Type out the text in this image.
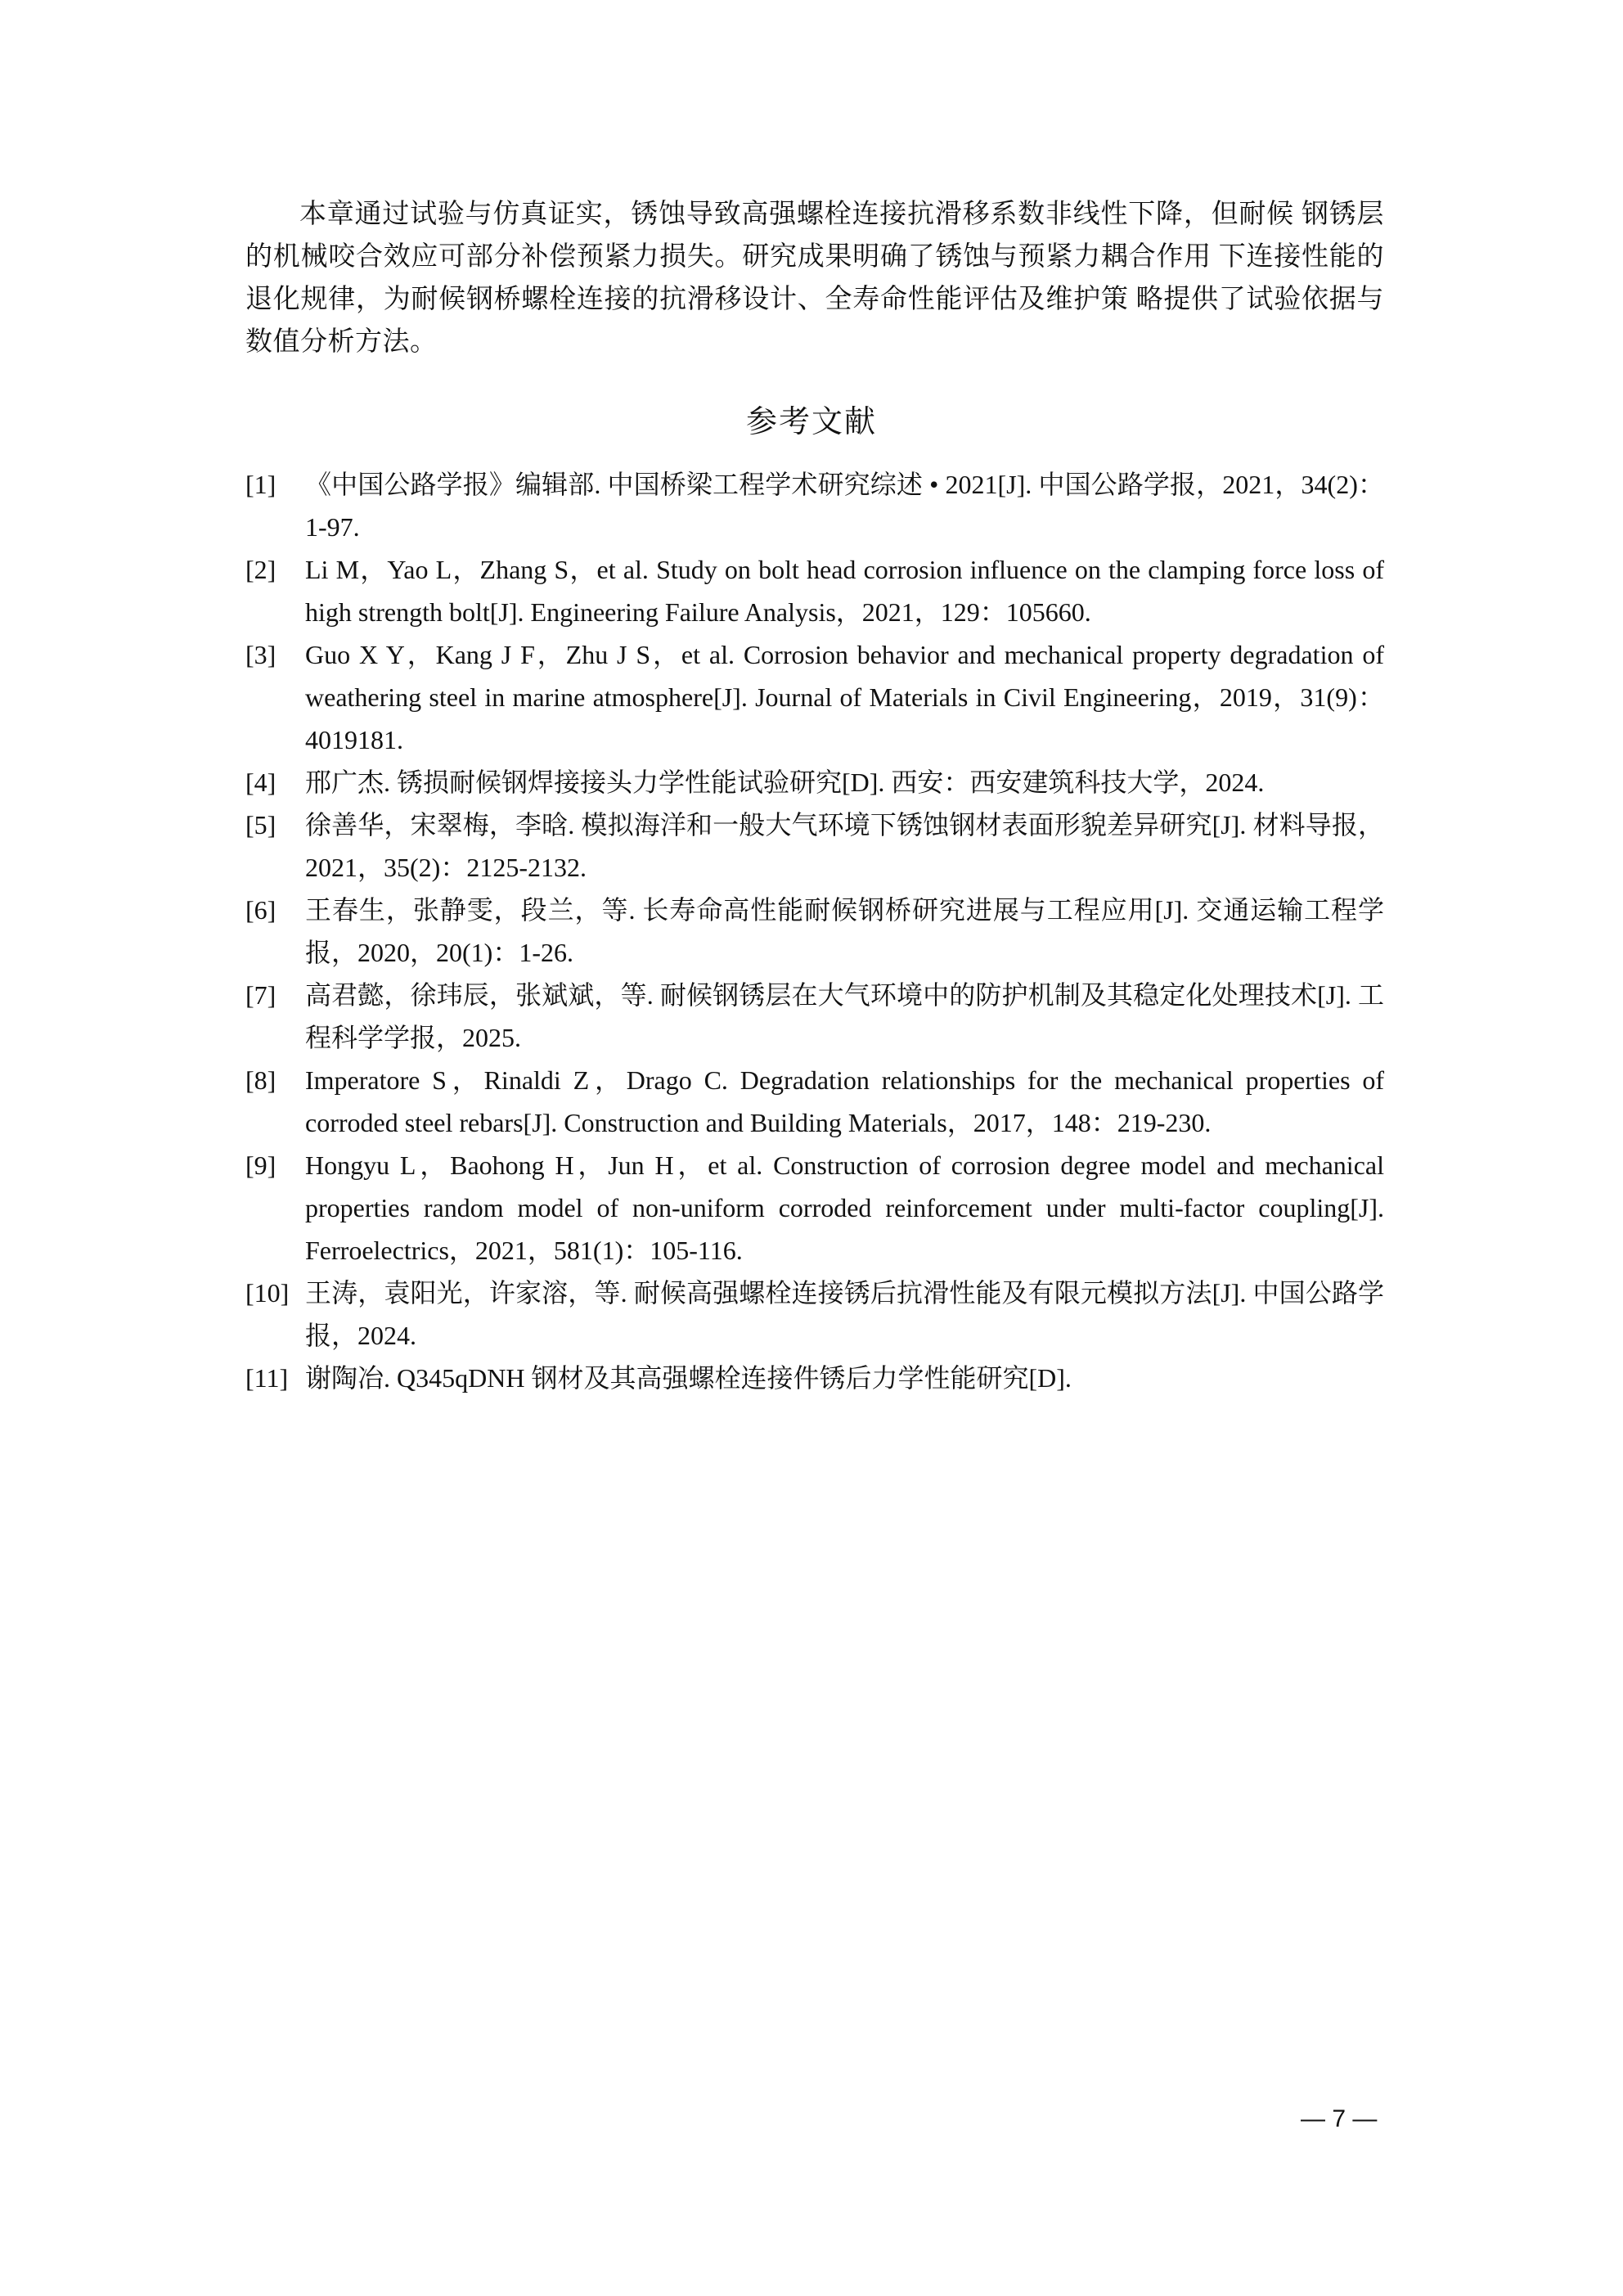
本章通过试验与仿真证实，锈蚀导致高强螺栓连接抗滑移系数非线性下降，但耐候 钢锈层的机械咬合效应可部分补偿预紧力损失。研究成果明确了锈蚀与预紧力耦合作用 下连接性能的退化规律，为耐候钢桥螺栓连接的抗滑移设计、全寿命性能评估及维护策 略提供了试验依据与数值分析方法。

参考文献
[1] 《中国公路学报》编辑部. 中国桥梁工程学术研究综述 • 2021[J]. 中国公路学报，2021，34(2)：1-97.
[2] Li M，Yao L，Zhang S，et al. Study on bolt head corrosion influence on the clamping force loss of high strength bolt[J]. Engineering Failure Analysis，2021，129：105660.
[3] Guo X Y，Kang J F，Zhu J S，et al. Corrosion behavior and mechanical property degradation of weathering steel in marine atmosphere[J]. Journal of Materials in Civil Engineering，2019，31(9)：4019181.
[4] 邢广杰. 锈损耐候钢焊接接头力学性能试验研究[D]. 西安：西安建筑科技大学，2024.
[5] 徐善华，宋翠梅，李晗. 模拟海洋和一般大气环境下锈蚀钢材表面形貌差异研究[J]. 材料导报，2021，35(2)：2125-2132.
[6] 王春生，张静雯，段兰，等. 长寿命高性能耐候钢桥研究进展与工程应用[J]. 交通运输工程学报，2020，20(1)：1-26.
[7] 高君懿，徐玮辰，张斌斌，等. 耐候钢锈层在大气环境中的防护机制及其稳定化处理技术[J]. 工程科学学报，2025.
[8] Imperatore S，Rinaldi Z，Drago C. Degradation relationships for the mechanical properties of corroded steel rebars[J]. Construction and Building Materials，2017，148：219-230.
[9] Hongyu L，Baohong H，Jun H，et al. Construction of corrosion degree model and mechanical properties random model of non-uniform corroded reinforcement under multi-factor coupling[J]. Ferroelectrics，2021，581(1)：105-116.
[10] 王涛，袁阳光，许家溶，等. 耐候高强螺栓连接锈后抗滑性能及有限元模拟方法[J]. 中国公路学报，2024.
[11] 谢陶冶. Q345qDNH 钢材及其高强螺栓连接件锈后力学性能研究[D].
— 7 —
